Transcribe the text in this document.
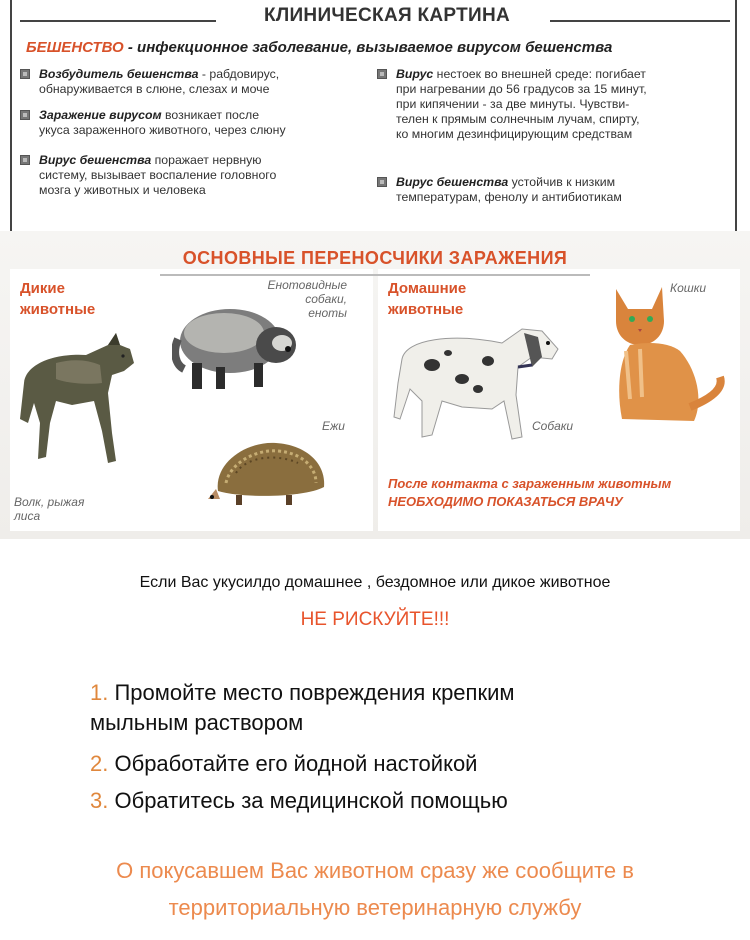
КЛИНИЧЕСКАЯ КАРТИНА
БЕШЕНСТВО - инфекционное заболевание, вызываемое вирусом бешенства
Возбудитель бешенства - рабдовирус,
обнаруживается в слюне, слезах и моче
Заражение вирусом возникает после
укуса зараженного животного, через слюну
Вирус бешенства поражает нервную
систему, вызывает воспаление головного
мозга у животных и человека
Вирус нестоек во внешней среде: погибает
при нагревании до 56 градусов за 15 минут,
при кипячении - за две минуты. Чувстви-
телен к прямым солнечным лучам, спирту,
ко многим дезинфицирующим средствам
Вирус бешенства устойчив к низким
температурам, фенолу и антибиотикам
ОСНОВНЫЕ ПЕРЕНОСЧИКИ ЗАРАЖЕНИЯ
Дикие
животные
Енотовидные
собаки,
еноты
Ежи
Волк, рыжая
лиса
Домашние
животные
Кошки
Собаки
После контакта с зараженным животным
НЕОБХОДИМО ПОКАЗАТЬСЯ ВРАЧУ
Если Вас укусилдо домашнее , бездомное или дикое животное
НЕ РИСКУЙТЕ!!!
1. Промойте место повреждения крепким
мыльным раствором
2. Обработайте его йодной настойкой
3. Обратитесь за медицинской помощью
О покусавшем Вас животном сразу же сообщите в
территориальную ветеринарную службу
